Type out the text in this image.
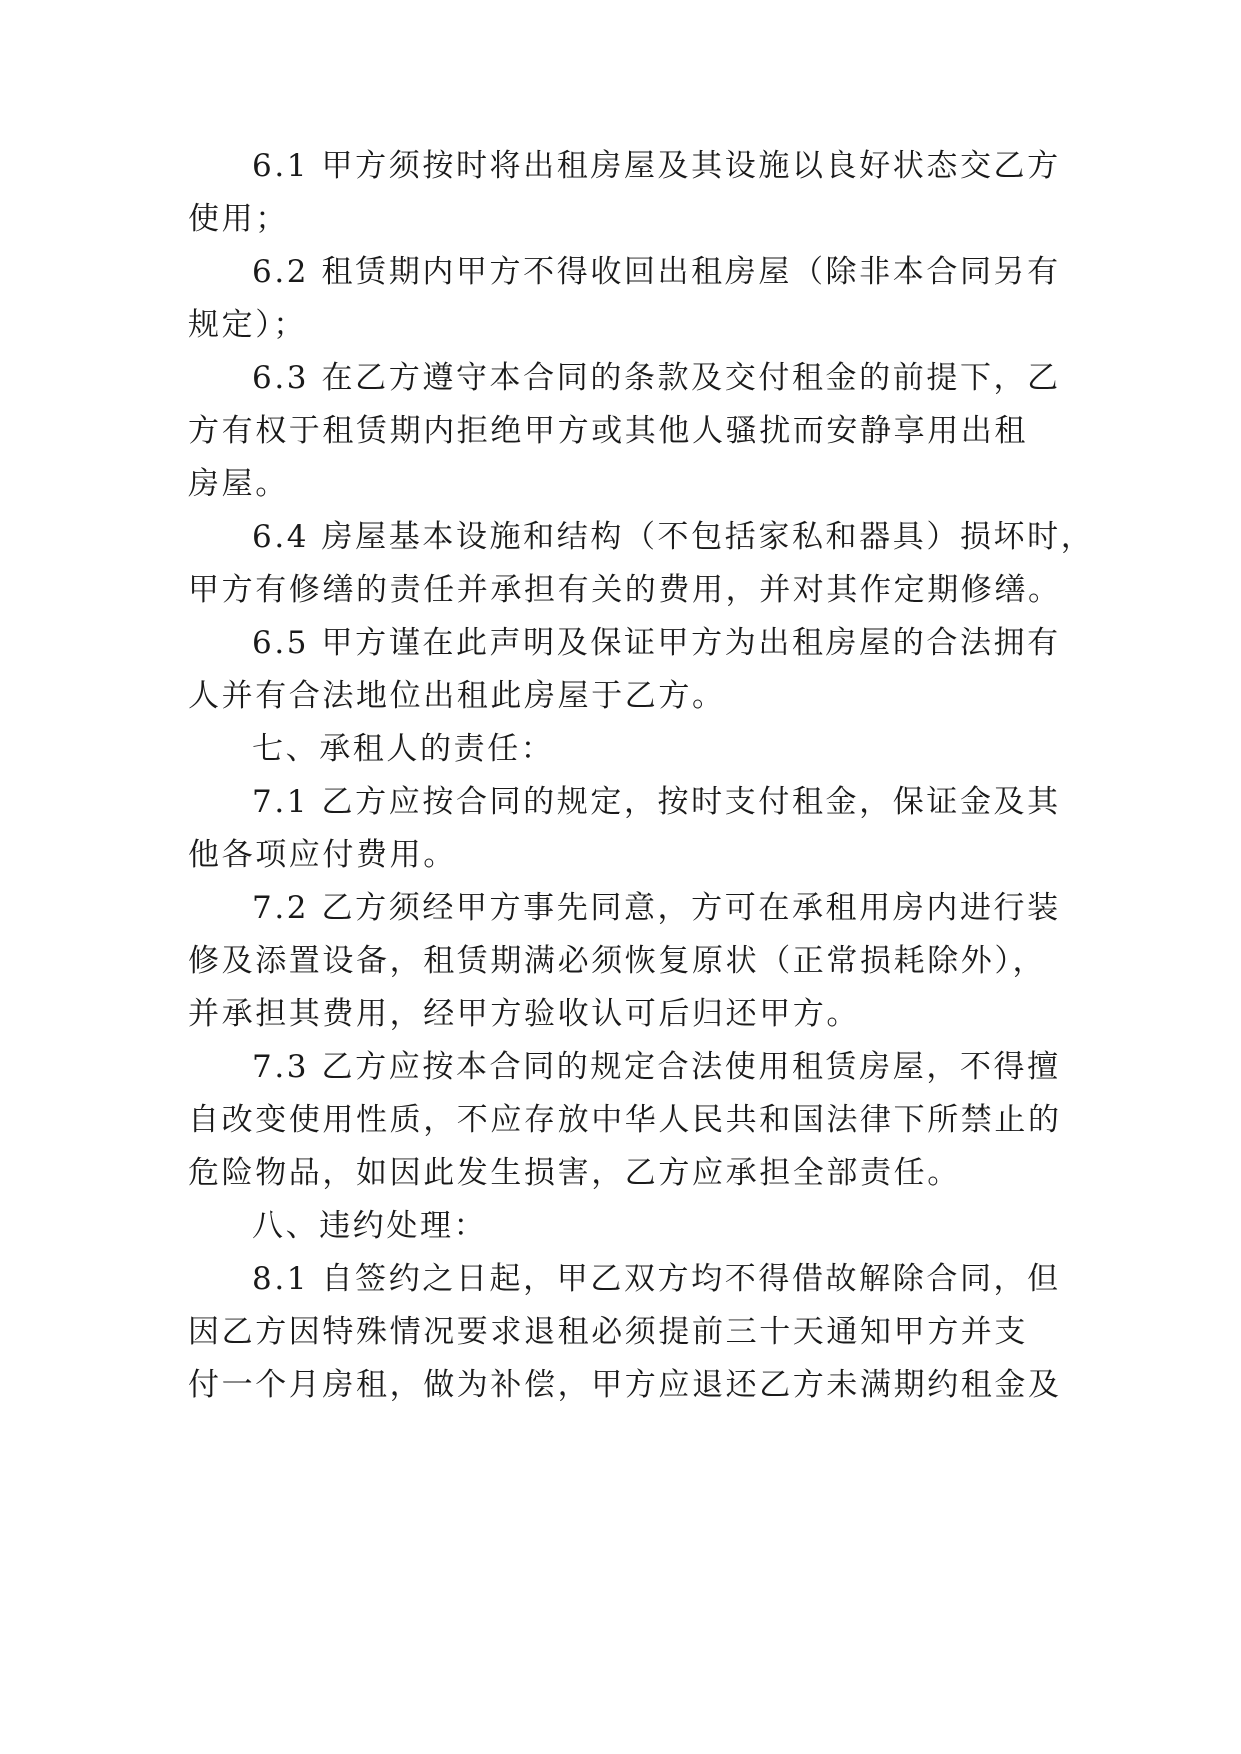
6.1 甲方须按时将出租房屋及其设施以良好状态交乙方
使用；
6.2 租赁期内甲方不得收回出租房屋（除非本合同另有
规定）；
6.3 在乙方遵守本合同的条款及交付租金的前提下，乙
方有权于租赁期内拒绝甲方或其他人骚扰而安静享用出租
房屋。
6.4 房屋基本设施和结构（不包括家私和器具）损坏时，
甲方有修缮的责任并承担有关的费用，并对其作定期修缮。
6.5 甲方谨在此声明及保证甲方为出租房屋的合法拥有
人并有合法地位出租此房屋于乙方。
七、承租人的责任：
7.1 乙方应按合同的规定，按时支付租金，保证金及其
他各项应付费用。
7.2 乙方须经甲方事先同意，方可在承租用房内进行装
修及添置设备，租赁期满必须恢复原状（正常损耗除外），
并承担其费用，经甲方验收认可后归还甲方。
7.3 乙方应按本合同的规定合法使用租赁房屋，不得擅
自改变使用性质，不应存放中华人民共和国法律下所禁止的
危险物品，如因此发生损害，乙方应承担全部责任。
八、违约处理：
8.1 自签约之日起，甲乙双方均不得借故解除合同，但
因乙方因特殊情况要求退租必须提前三十天通知甲方并支
付一个月房租，做为补偿，甲方应退还乙方未满期约租金及
